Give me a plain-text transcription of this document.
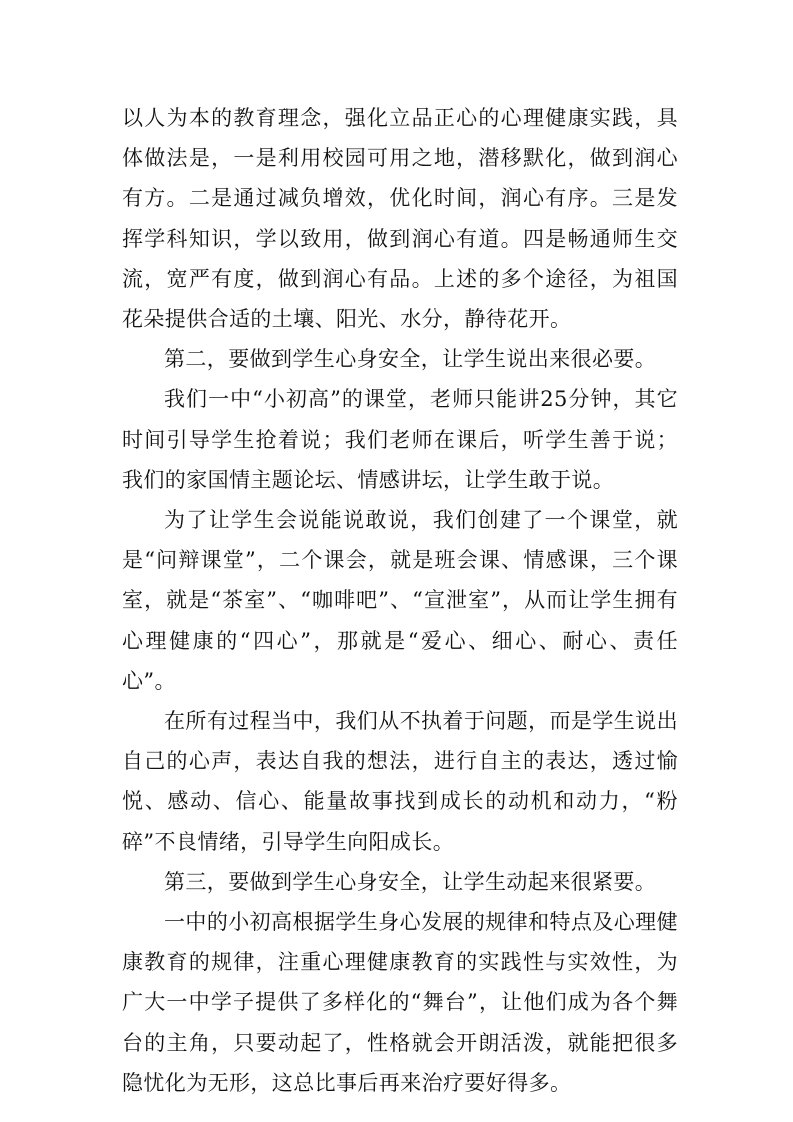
以人为本的教育理念，强化立品正心的心理健康实践，具体做法是，一是利用校园可用之地，潜移默化，做到润心有方。二是通过减负增效，优化时间，润心有序。三是发挥学科知识，学以致用，做到润心有道。四是畅通师生交流，宽严有度，做到润心有品。上述的多个途径，为祖国花朵提供合适的土壤、阳光、水分，静待花开。

第二，要做到学生心身安全，让学生说出来很必要。

我们一中“小初高”的课堂，老师只能讲25分钟，其它时间引导学生抢着说；我们老师在课后，听学生善于说；我们的家国情主题论坛、情感讲坛，让学生敢于说。

为了让学生会说能说敢说，我们创建了一个课堂，就是“问辩课堂”，二个课会，就是班会课、情感课，三个课室，就是“茶室”、“咖啡吧”、“宣泄室”，从而让学生拥有心理健康的“四心”，那就是“爱心、细心、耐心、责任心”。

在所有过程当中，我们从不执着于问题，而是学生说出自己的心声，表达自我的想法，进行自主的表达，透过愉悦、感动、信心、能量故事找到成长的动机和动力，“粉碎”不良情绪，引导学生向阳成长。

第三，要做到学生心身安全，让学生动起来很紧要。

一中的小初高根据学生身心发展的规律和特点及心理健康教育的规律，注重心理健康教育的实践性与实效性，为广大一中学子提供了多样化的“舞台”，让他们成为各个舞台的主角，只要动起了，性格就会开朗活泼，就能把很多隐忧化为无形，这总比事后再来治疗要好得多。
